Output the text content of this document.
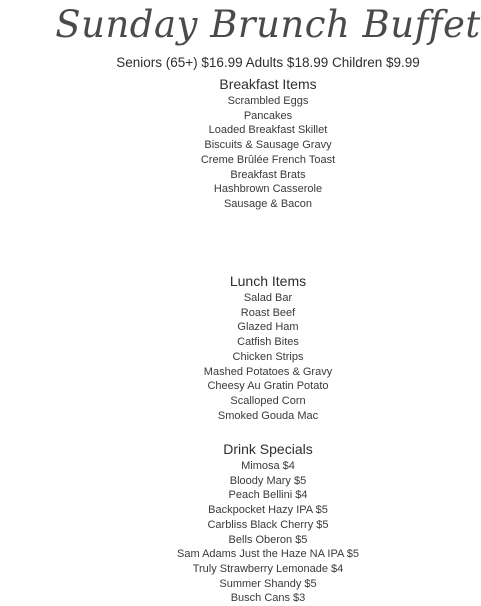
Sunday Brunch Buffet
Seniors (65+) $16.99 Adults $18.99 Children $9.99
Breakfast Items
Scrambled Eggs
Pancakes
Loaded Breakfast Skillet
Biscuits & Sausage Gravy
Creme Brûlée French Toast
Breakfast Brats
Hashbrown Casserole
Sausage & Bacon
Lunch Items
Salad Bar
Roast Beef
Glazed Ham
Catfish Bites
Chicken Strips
Mashed Potatoes & Gravy
Cheesy Au Gratin Potato
Scalloped Corn
Smoked Gouda Mac
Drink Specials
Mimosa $4
Bloody Mary $5
Peach Bellini $4
Backpocket Hazy IPA $5
Carbliss Black Cherry $5
Bells Oberon $5
Sam Adams Just the Haze NA IPA $5
Truly Strawberry Lemonade $4
Summer Shandy $5
Busch Cans $3
